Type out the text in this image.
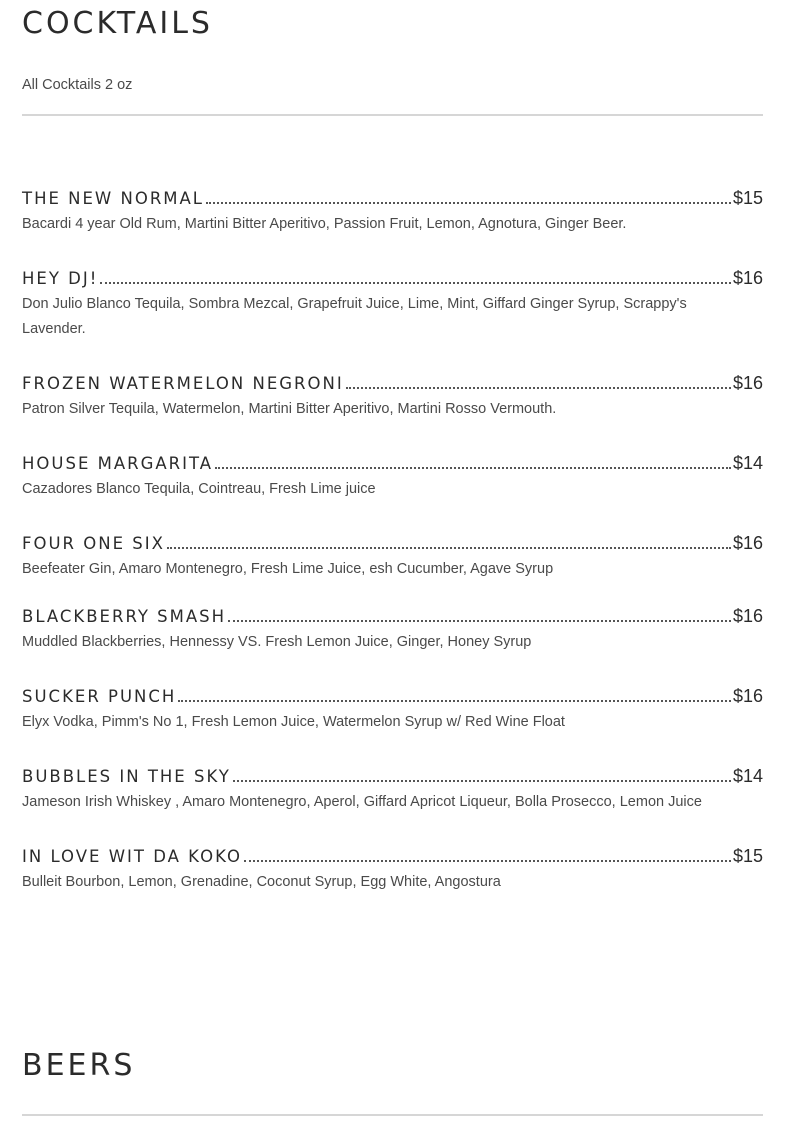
COCKTAILS
All Cocktails 2 oz
THE NEW NORMAL	$15
Bacardi 4 year Old Rum, Martini Bitter Aperitivo, Passion Fruit, Lemon, Agnotura, Ginger Beer.
HEY DJ!	$16
Don Julio Blanco Tequila, Sombra Mezcal, Grapefruit Juice, Lime, Mint, Giffard Ginger Syrup, Scrappy's Lavender.
FROZEN WATERMELON NEGRONI	$16
Patron Silver Tequila, Watermelon, Martini Bitter Aperitivo, Martini Rosso Vermouth.
HOUSE MARGARITA	$14
Cazadores Blanco Tequila, Cointreau, Fresh Lime juice
FOUR ONE SIX	$16
Beefeater Gin, Amaro Montenegro, Fresh Lime Juice, esh Cucumber, Agave Syrup
BLACKBERRY SMASH	$16
Muddled Blackberries, Hennessy VS. Fresh Lemon Juice, Ginger, Honey Syrup
SUCKER PUNCH	$16
Elyx Vodka, Pimm's No 1, Fresh Lemon Juice, Watermelon Syrup w/ Red Wine Float
BUBBLES IN THE SKY	$14
Jameson Irish Whiskey , Amaro Montenegro, Aperol, Giffard Apricot Liqueur, Bolla Prosecco, Lemon Juice
IN LOVE WIT DA KOKO	$15
Bulleit Bourbon, Lemon, Grenadine, Coconut Syrup, Egg White, Angostura
BEERS
